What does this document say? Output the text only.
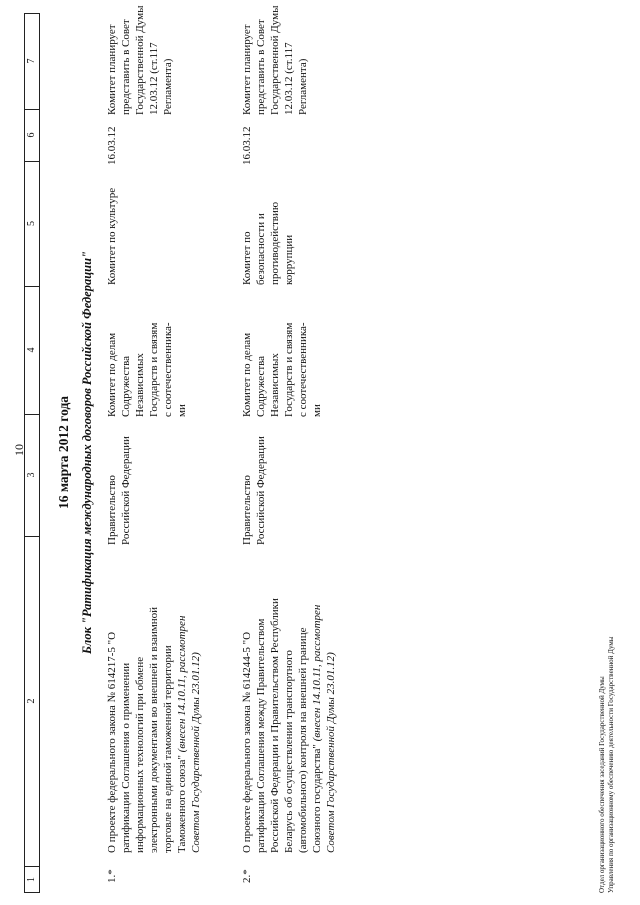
10
1
2
3
4
5
6
7
16 марта 2012 года Блок "Ратификация международных договоров Российской Федерации"
1.*
О проекте федерального закона № 614217-5 "О ратификации Соглашения о применении информационных технологий при обмене электронными документами во внешней и взаимной торговле на единой таможенной территории Таможенного союза" (внесен 14.10.11, рассмотрен Советом Государственной Думы 23.01.12)
Правительство Российской Федерации
Комитет по делам Содружества Независимых Государств и связям с соотечественника-ми
Комитет по культуре
16.03.12
Комитет планирует представить в Совет Государственной Думы 12.03.12 (ст.117 Регламента)
2.*
О проекте федерального закона № 614244-5 "О ратификации Соглашения между Правительством Российской Федерации и Правительством Республики Беларусь об осуществлении транспортного (автомобильного) контроля на внешней границе Союзного государства" (внесен 14.10.11, рассмотрен Советом Государственной Думы 23.01.12)
Правительство Российской Федерации
Комитет по делам Содружества Независимых Государств и связям с соотечественника-ми
Комитет по безопасности и противодействию коррупции
16.03.12
Комитет планирует представить в Совет Государственной Думы 12.03.12 (ст.117 Регламента)
Отдел организационного обеспечения заседаний Государственной Думы Управления по организационному обеспечению деятельности Государственной Думы
